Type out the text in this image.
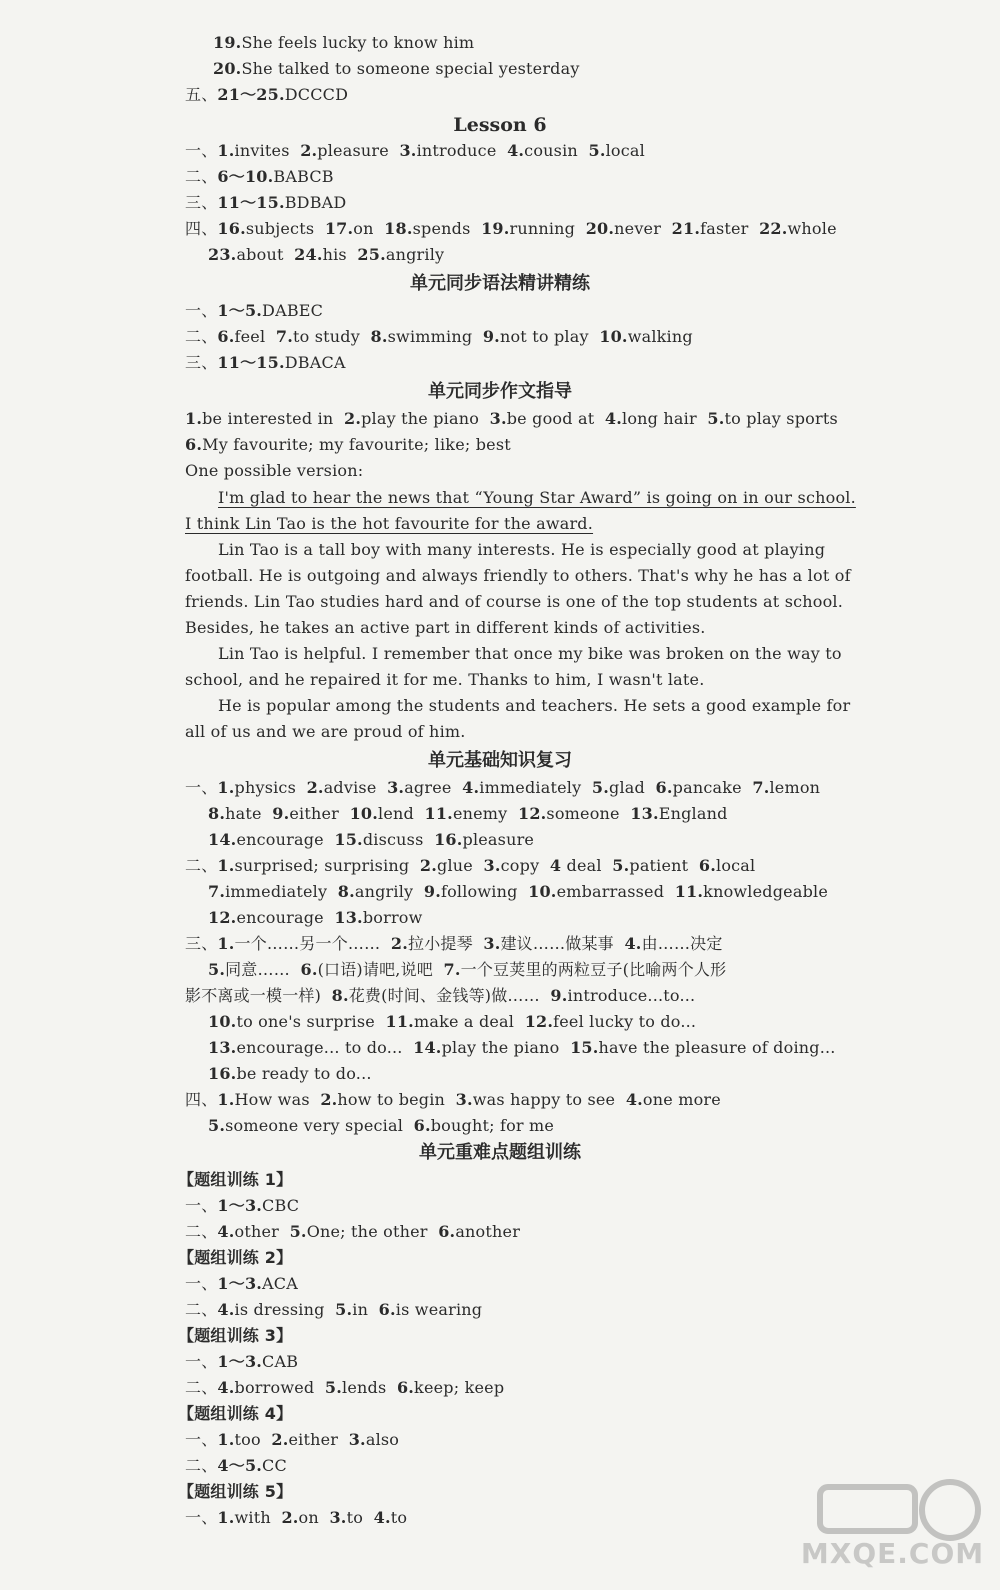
Lesson 6
单元同步语法精讲精练
单元同步作文指导
单元基础知识复习
单元重难点题组训练
19.She feels lucky to know him
20.She talked to someone special yesterday
五、21～25.DCCCD
一、1.invites  2.pleasure  3.introduce  4.cousin  5.local
二、6～10.BABCB
三、11～15.BDBAD
四、16.subjects  17.on  18.spends  19.running  20.never  21.faster  22.whole
23.about  24.his  25.angrily
一、1～5.DABEC
二、6.feel  7.to study  8.swimming  9.not to play  10.walking
三、11～15.DBACA
1.be interested in  2.play the piano  3.be good at  4.long hair  5.to play sports
6.My favourite; my favourite; like; best
One possible version:
I'm glad to hear the news that “Young Star Award” is going on in our school.
I think Lin Tao is the hot favourite for the award.
Lin Tao is a tall boy with many interests. He is especially good at playing
football. He is outgoing and always friendly to others. That's why he has a lot of
friends. Lin Tao studies hard and of course is one of the top students at school.
Besides, he takes an active part in different kinds of activities.
Lin Tao is helpful. I remember that once my bike was broken on the way to
school, and he repaired it for me. Thanks to him, I wasn't late.
He is popular among the students and teachers. He sets a good example for
all of us and we are proud of him.
一、1.physics  2.advise  3.agree  4.immediately  5.glad  6.pancake  7.lemon
8.hate  9.either  10.lend  11.enemy  12.someone  13.England
14.encourage  15.discuss  16.pleasure
二、1.surprised; surprising  2.glue  3.copy  4 deal  5.patient  6.local
7.immediately  8.angrily  9.following  10.embarrassed  11.knowledgeable
12.encourage  13.borrow
三、1.一个……另一个……  2.拉小提琴  3.建议……做某事  4.由……决定
5.同意……  6.(口语)请吧,说吧  7.一个豆荚里的两粒豆子(比喻两个人形
影不离或一模一样)  8.花费(时间、金钱等)做……  9.introduce...to...
10.to one's surprise  11.make a deal  12.feel lucky to do...
13.encourage... to do...  14.play the piano  15.have the pleasure of doing...
16.be ready to do...
四、1.How was  2.how to begin  3.was happy to see  4.one more
5.someone very special  6.bought; for me
【题组训练 1】
一、1～3.CBC
二、4.other  5.One; the other  6.another
【题组训练 2】
一、1～3.ACA
二、4.is dressing  5.in  6.is wearing
【题组训练 3】
一、1～3.CAB
二、4.borrowed  5.lends  6.keep; keep
【题组训练 4】
一、1.too  2.either  3.also
二、4～5.CC
【题组训练 5】
一、1.with  2.on  3.to  4.to
MXQE.COM
